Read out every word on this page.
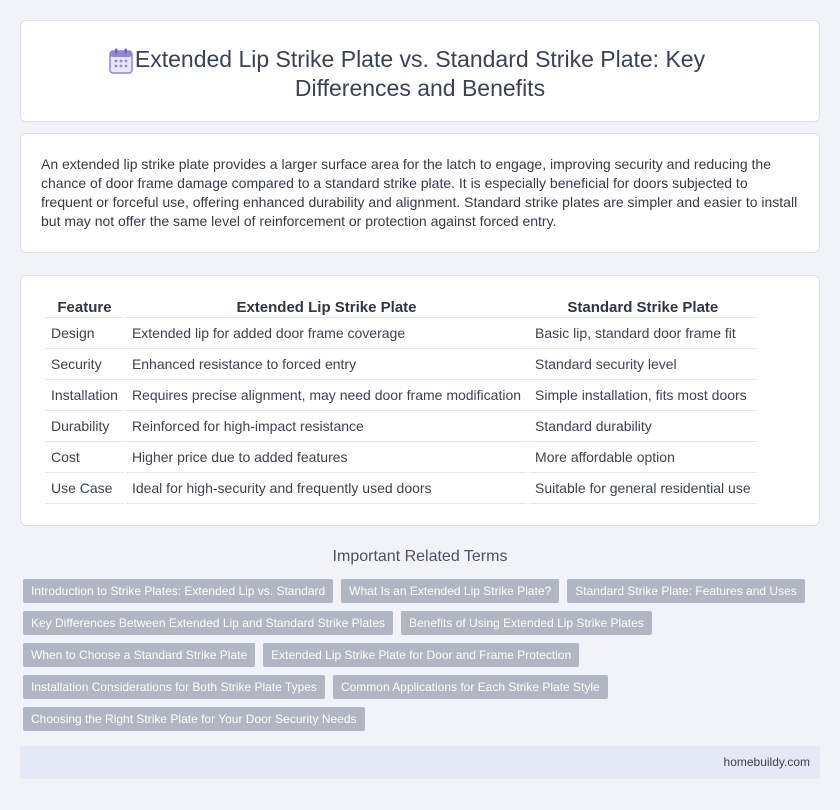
Extended Lip Strike Plate vs. Standard Strike Plate: Key Differences and Benefits

An extended lip strike plate provides a larger surface area for the latch to engage, improving security and reducing the chance of door frame damage compared to a standard strike plate. It is especially beneficial for doors subjected to frequent or forceful use, offering enhanced durability and alignment. Standard strike plates are simpler and easier to install but may not offer the same level of reinforcement or protection against forced entry.

Feature	Extended Lip Strike Plate	Standard Strike Plate
Design	Extended lip for added door frame coverage	Basic lip, standard door frame fit
Security	Enhanced resistance to forced entry	Standard security level
Installation	Requires precise alignment, may need door frame modification	Simple installation, fits most doors
Durability	Reinforced for high-impact resistance	Standard durability
Cost	Higher price due to added features	More affordable option
Use Case	Ideal for high-security and frequently used doors	Suitable for general residential use
Important Related Terms
Introduction to Strike Plates: Extended Lip vs. Standard	What Is an Extended Lip Strike Plate?	Standard Strike Plate: Features and Uses
Key Differences Between Extended Lip and Standard Strike Plates	Benefits of Using Extended Lip Strike Plates
When to Choose a Standard Strike Plate	Extended Lip Strike Plate for Door and Frame Protection
Installation Considerations for Both Strike Plate Types	Common Applications for Each Strike Plate Style
Choosing the Right Strike Plate for Your Door Security Needs
homebuildy.com
